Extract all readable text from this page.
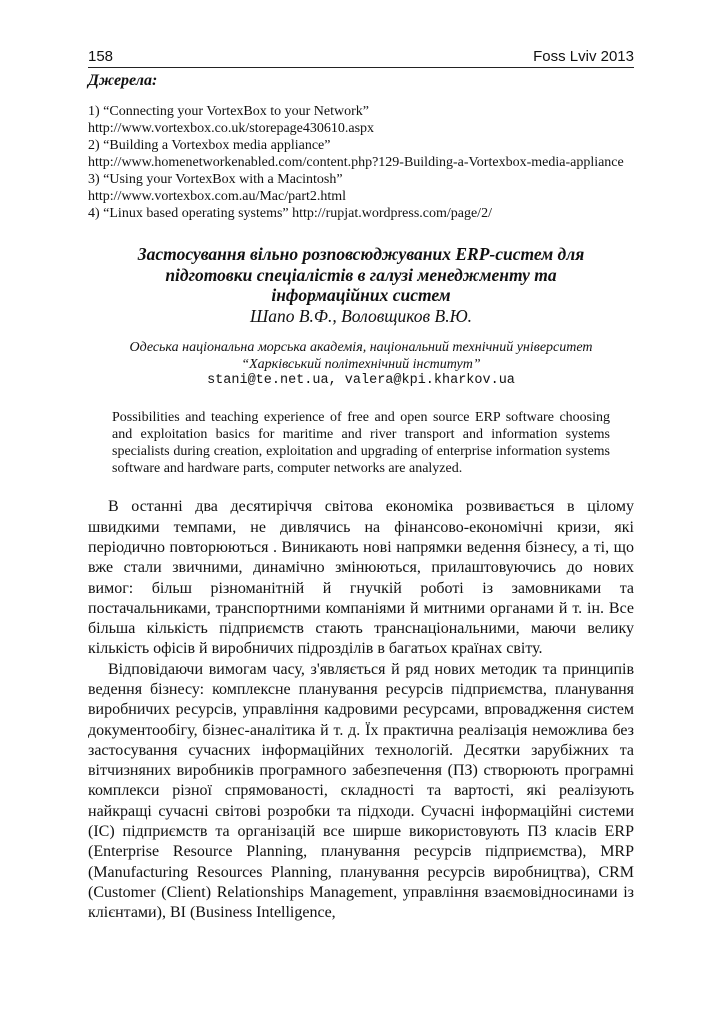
158	Foss Lviv 2013
Джерела:
1) “Connecting your VortexBox to your Network”
http://www.vortexbox.co.uk/storepage430610.aspx
2) “Building a Vortexbox media appliance”
http://www.homenetworkenabled.com/content.php?129-Building-a-Vortexbox-media-appliance
3) “Using your VortexBox with a Macintosh”
http://www.vortexbox.com.au/Mac/part2.html
4) “Linux based operating systems” http://rupjat.wordpress.com/page/2/
Застосування вільно розповсюджуваних ERP-систем для підготовки спеціалістів в галузі менеджменту та інформаційних систем
Шапо В.Ф., Воловщиков В.Ю.
Одеська національна морська академія, національний технічний університет “Харківський політехнічний інститут”
stani@te.net.ua, valera@kpi.kharkov.ua
Possibilities and teaching experience of free and open source ERP software choosing and exploitation basics for maritime and river transport and information systems specialists during creation, exploitation and upgrading of enterprise information systems software and hardware parts, computer networks are analyzed.

В останні два десятиріччя світова економіка розвивається в цілому швидкими темпами, не дивлячись на фінансово-економічні кризи, які періодично повторюються . Виникають нові напрямки ведення бізнесу, а ті, що вже стали звичними, динамічно змінюються, прилаштовуючись до нових вимог: більш різноманітній й гнучкій роботі із замовниками та постачальниками, транспортними компаніями й митними органами й т. ін. Все більша кількість підприємств стають транснаціональними, маючи велику кількість офісів й виробничих підрозділів в багатьох країнах світу.

Відповідаючи вимогам часу, з'являється й ряд нових методик та принципів ведення бізнесу: комплексне планування ресурсів підприємства, планування виробничих ресурсів, управління кадровими ресурсами, впровадження систем документообігу, бізнес-аналітика й т. д. Їх практична реалізація неможлива без застосування сучасних інформаційних технологій. Десятки зарубіжних та вітчизняних виробників програмного забезпечення (ПЗ) створюють програмні комплекси різної спрямованості, складності та вартості, які реалізують найкращі сучасні світові розробки та підходи. Сучасні інформаційні системи (ІС) підприємств та організацій все ширше використовують ПЗ класів ERP (Enterprise Resource Planning, планування ресурсів підприємства), MRP (Manufacturing Resources Planning, планування ресурсів виробництва), CRM (Customer (Client) Relationships Management, управління взаємовідносинами із клієнтами), BI (Business Intelligence,
